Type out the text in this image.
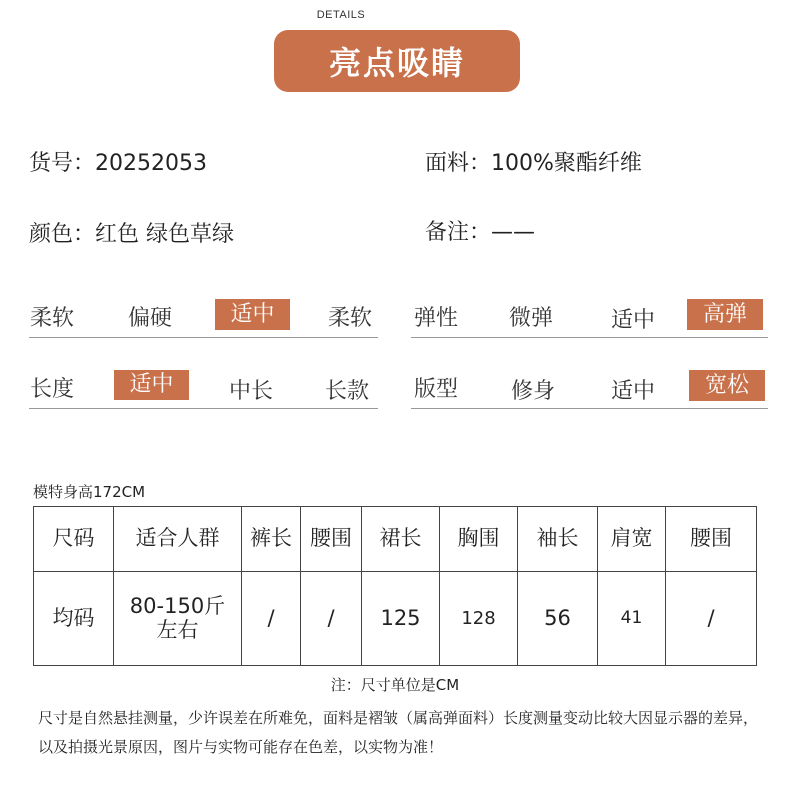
DETAILS
亮点吸睛
货号：20252053	面料：100%聚酯纤维
颜色：红色 绿色草绿	备注：——
柔软 偏硬	适中	柔软 弹性 微弹	适中	高弹
长度	适中	中长 长款 版型 修身	适中	宽松
模特身高172CM
尺码	适合人群	裤长	腰围	裙长	胸围	袖长	肩宽	腰围
均码	80-150斤左右	/	/	125	128	56	41	/
注：尺寸单位是CM
尺寸是自然悬挂测量，少许误差在所难免，面料是褶皱（属高弹面料）长度测量变动比较大因显示器的差异，以及拍摄光景原因，图片与实物可能存在色差，以实物为准！
